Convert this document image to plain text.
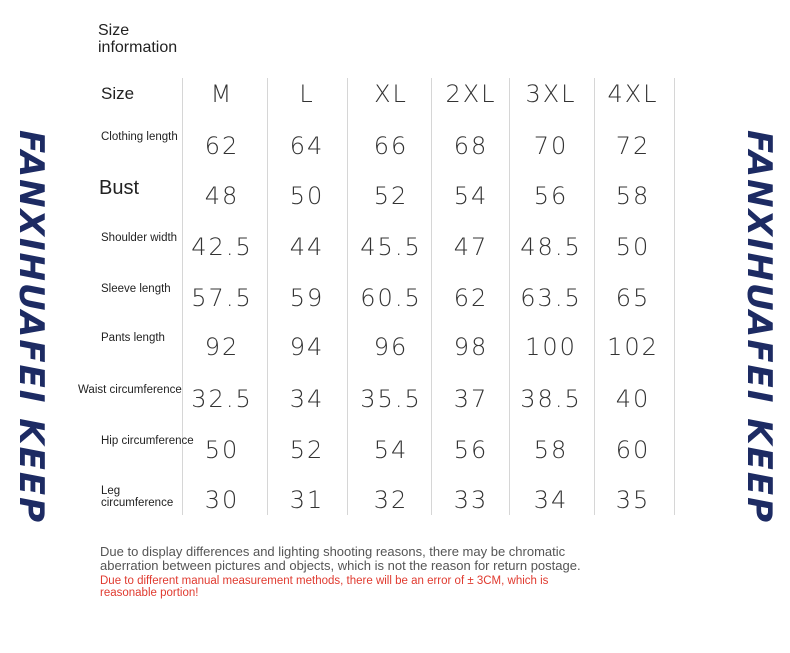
FANXIHUAFEI KEEP	FANXIHUAFEI KEEP
Size information
Size	M	L XL 2XL 3XL 4XL
Clothing length 62 64 66 68 70 72
Bust	48 50 52 54 56 58
Shoulder width 42.5 44 45.5 47 48.5 50
Sleeve length 57.5 59 60.5 62 63.5 65
Pants length 92 94 96 98 100 102
Waist circumference 32.5 34 35.5 37 38.5 40
Hip circumference 50 52 54 56 58 60
Leg circumference	30 31 32 33 34 35
Due to display differences and lighting shooting reasons, there may be chromatic aberration between pictures and objects, which is not the reason for return postage.
Due to different manual measurement methods, there will be an error of ± 3CM, which is reasonable portion!
